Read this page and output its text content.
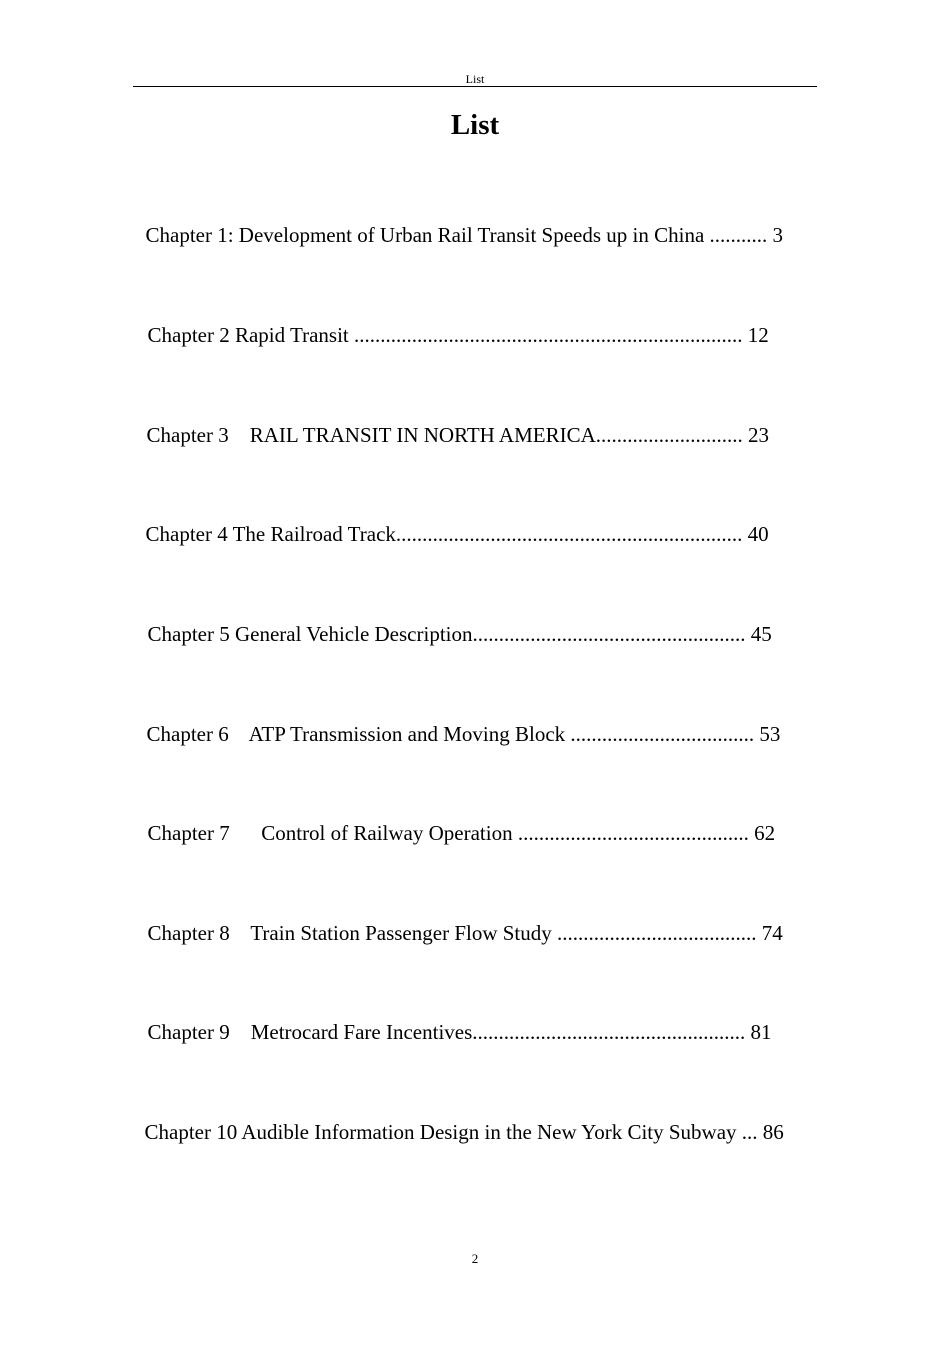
List
List

Chapter 1: Development of Urban Rail Transit Speeds up in China ........... 3

Chapter 2 Rapid Transit .......................................................................... 12

Chapter 3    RAIL TRANSIT IN NORTH AMERICA............................ 23

Chapter 4 The Railroad Track.................................................................. 40

Chapter 5 General Vehicle Description.................................................... 45

Chapter 6    ATP Transmission and Moving Block ................................... 53

Chapter 7      Control of Railway Operation ............................................ 62

Chapter 8    Train Station Passenger Flow Study ...................................... 74

Chapter 9    Metrocard Fare Incentives.................................................... 81

Chapter 10 Audible Information Design in the New York City Subway ... 86

2
